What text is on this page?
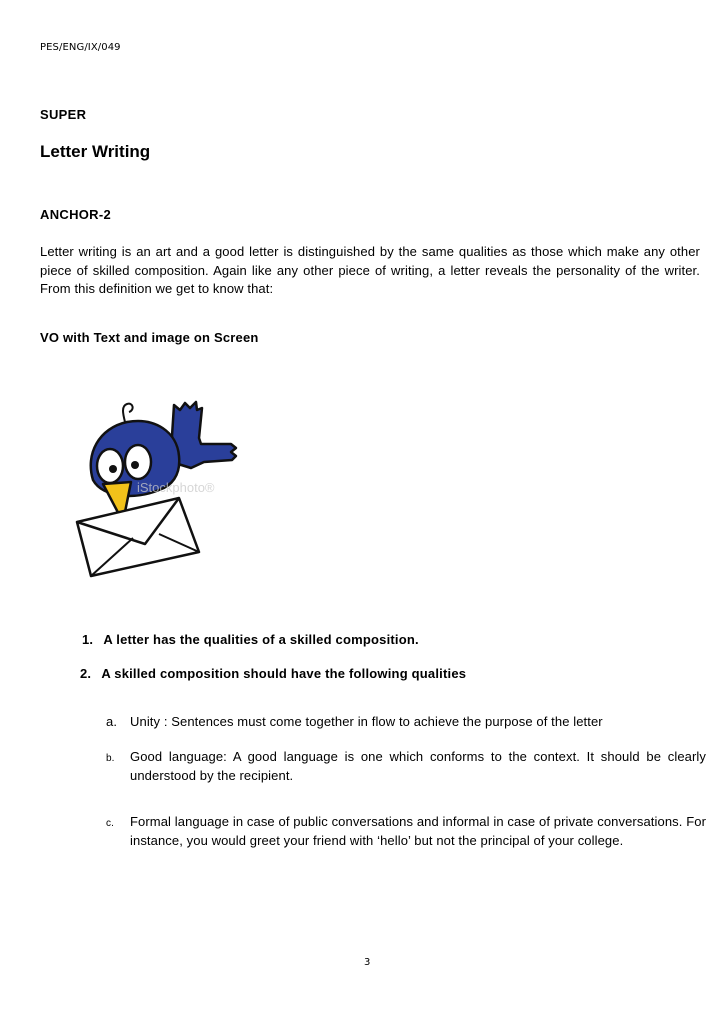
PES/ENG/IX/049
SUPER
Letter Writing
ANCHOR-2
Letter writing is an art and a good letter is distinguished by the same qualities as those which make any other piece of skilled composition. Again like any other piece of writing, a letter reveals the personality of the writer. From this definition we get to know that:
VO with Text and image on Screen
iStockphoto®
1. A letter has the qualities of a skilled composition.
2. A skilled composition should have the following qualities
a. Unity : Sentences must come together in flow to achieve the purpose of the letter
b. Good language: A good language is one which conforms to the context. It should be clearly understood by the recipient.
c. Formal language in case of public conversations and informal in case of private conversations. For instance, you would greet your friend with ‘hello’ but not the principal of your college.
3
